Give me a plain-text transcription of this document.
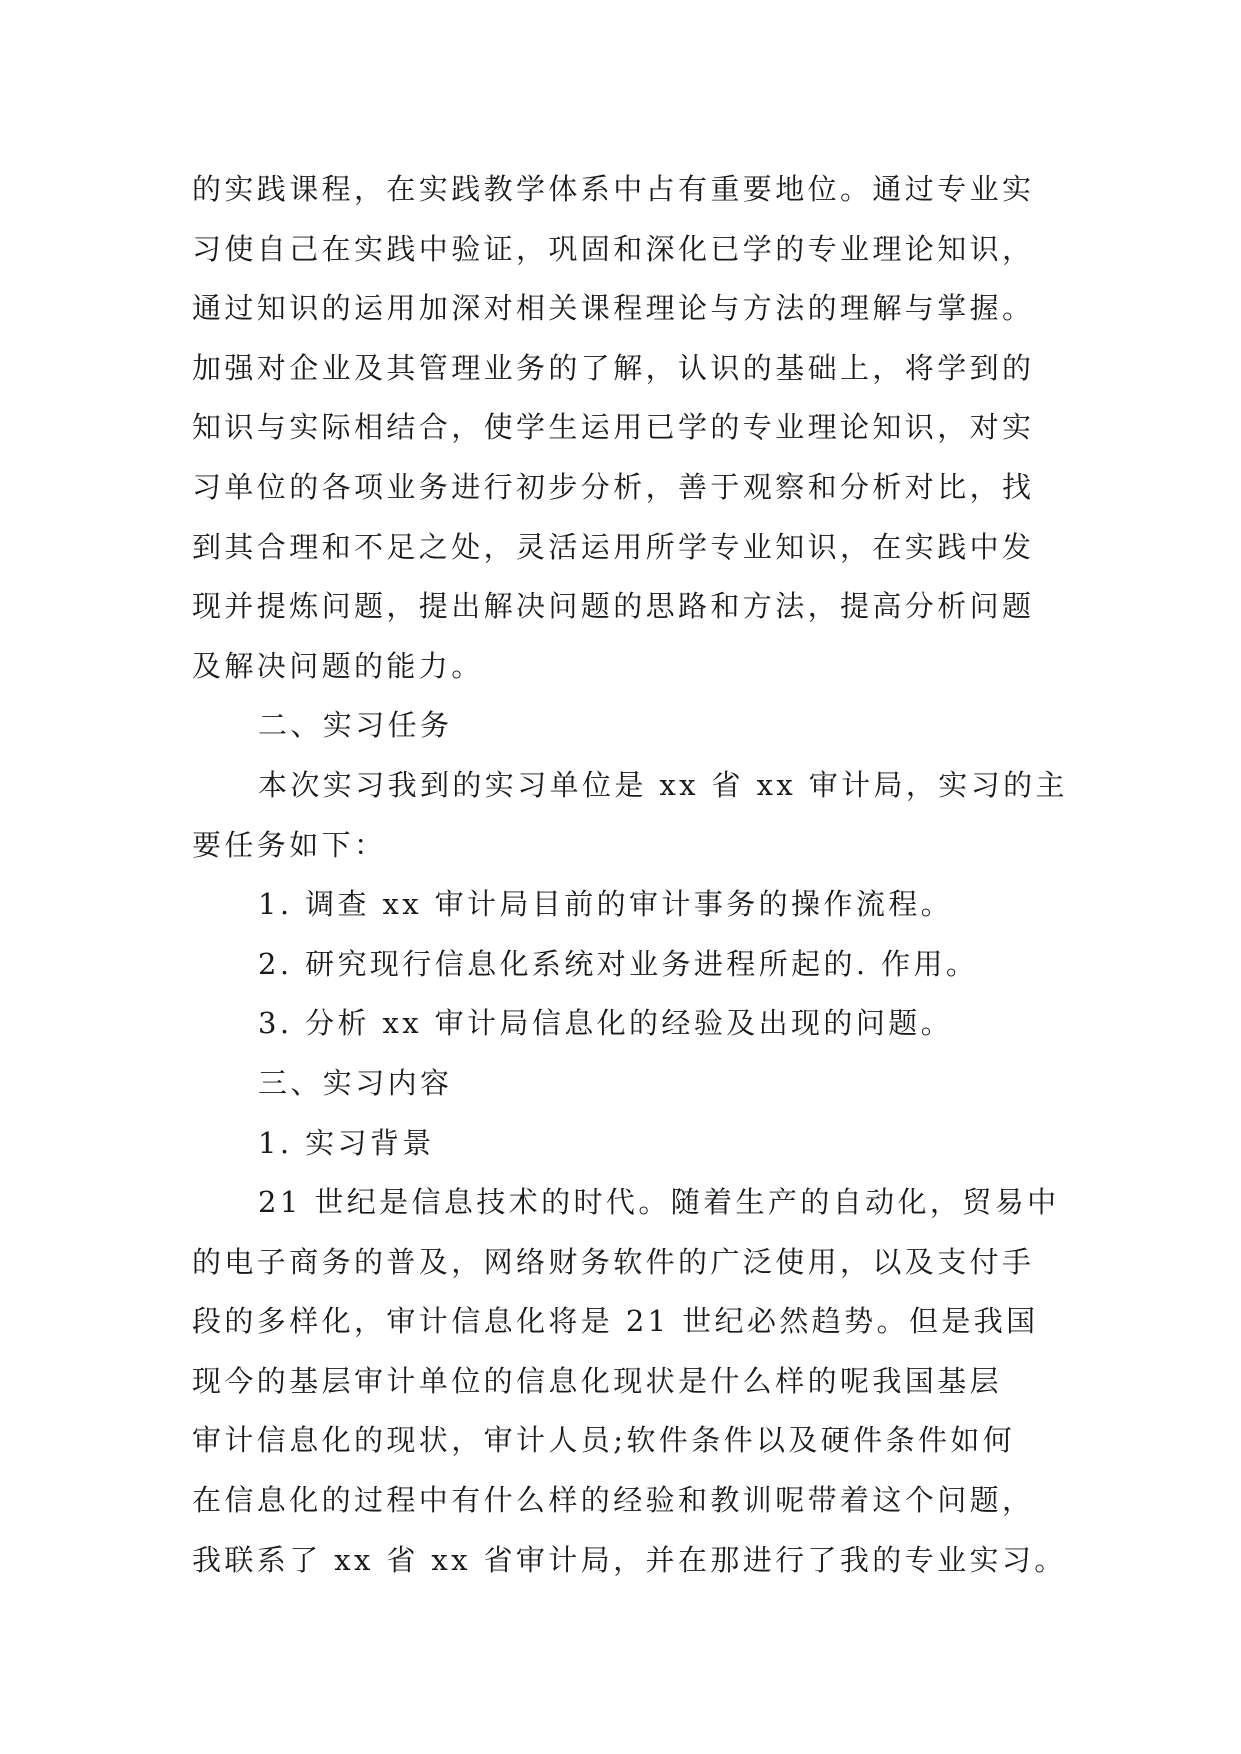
的实践课程，在实践教学体系中占有重要地位。通过专业实
习使自己在实践中验证，巩固和深化已学的专业理论知识，
通过知识的运用加深对相关课程理论与方法的理解与掌握。
加强对企业及其管理业务的了解，认识的基础上，将学到的
知识与实际相结合，使学生运用已学的专业理论知识，对实
习单位的各项业务进行初步分析，善于观察和分析对比，找
到其合理和不足之处，灵活运用所学专业知识，在实践中发
现并提炼问题，提出解决问题的思路和方法，提高分析问题
及解决问题的能力。
二、实习任务
本次实习我到的实习单位是 xx 省 xx 审计局，实习的主
要任务如下：
1. 调查 xx 审计局目前的审计事务的操作流程。
2. 研究现行信息化系统对业务进程所起的. 作用。
3. 分析 xx 审计局信息化的经验及出现的问题。
三、实习内容
1. 实习背景
21 世纪是信息技术的时代。随着生产的自动化，贸易中
的电子商务的普及，网络财务软件的广泛使用，以及支付手
段的多样化，审计信息化将是 21 世纪必然趋势。但是我国
现今的基层审计单位的信息化现状是什么样的呢我国基层
审计信息化的现状，审计人员;软件条件以及硬件条件如何
在信息化的过程中有什么样的经验和教训呢带着这个问题，
我联系了 xx 省 xx 省审计局，并在那进行了我的专业实习。
